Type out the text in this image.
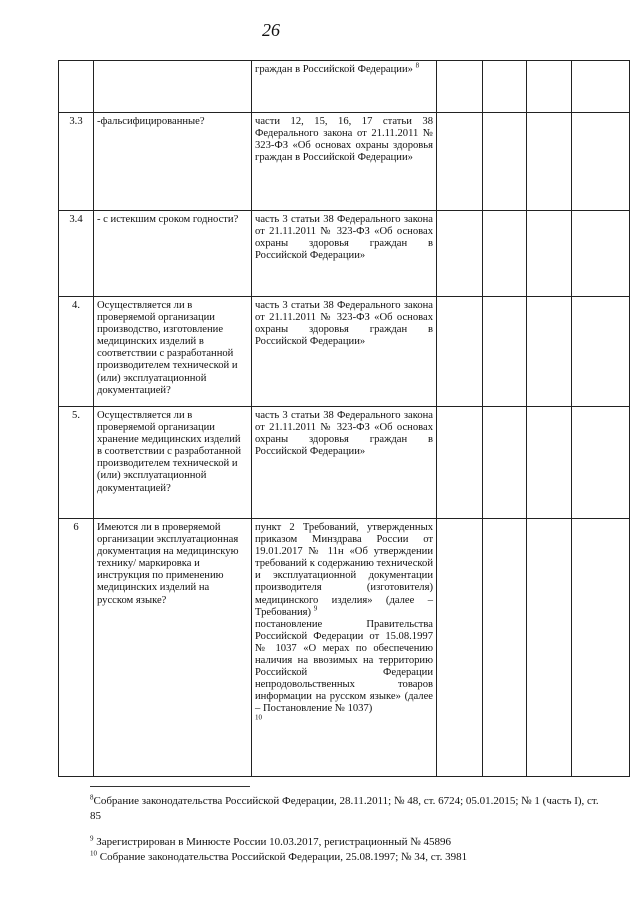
26
		граждан в Российской Федерации» $^8$				
3.3	-фальсифицированные?	части 12, 15, 16, 17 статьи 38 Федерального закона от 21.11.2011 № 323-ФЗ «Об основах охраны здоровья граждан в Российской Федерации»				
3.4	- с истекшим сроком годности?	часть 3 статьи 38 Федерального закона от 21.11.2011 № 323-ФЗ «Об основах охраны здоровья граждан в Российской Федерации»				
4.	Осуществляется ли в проверяемой организации производство, изготовление медицинских изделий в соответствии с разработанной производителем технической и (или) эксплуатационной документацией?	часть 3 статьи 38 Федерального закона от 21.11.2011 № 323-ФЗ «Об основах охраны здоровья граждан в Российской Федерации»				
5.	Осуществляется ли в проверяемой организации хранение медицинских изделий в соответствии с разработанной производителем технической и (или) эксплуатационной документацией?	часть 3 статьи 38 Федерального закона от 21.11.2011 № 323-ФЗ «Об основах охраны здоровья граждан в Российской Федерации»				
6	Имеются ли в проверяемой организации эксплуатационная документация на медицинскую технику/ маркировка и инструкция по применению медицинских изделий на русском языке?	пункт 2 Требований, утвержденных приказом Минздрава России от 19.01.2017 № 11н «Об утверждении требований к содержанию технической и эксплуатационной документации производителя (изготовителя) медицинского изделия» (далее – Требования) $^9$
постановление Правительства Российской Федерации от 15.08.1997 № 1037 «О мерах по обеспечению наличия на ввозимых на территорию Российской Федерации непродовольственных товаров информации на русском языке» (далее – Постановление № 1037)
$^{10}$				
$^8$Собрание законодательства Российской Федерации, 28.11.2011; № 48, ст. 6724; 05.01.2015; № 1 (часть I), ст. 85
$^9$ Зарегистрирован в Минюсте России 10.03.2017, регистрационный № 45896
$^{10}$ Собрание законодательства Российской Федерации, 25.08.1997; № 34, ст. 3981
